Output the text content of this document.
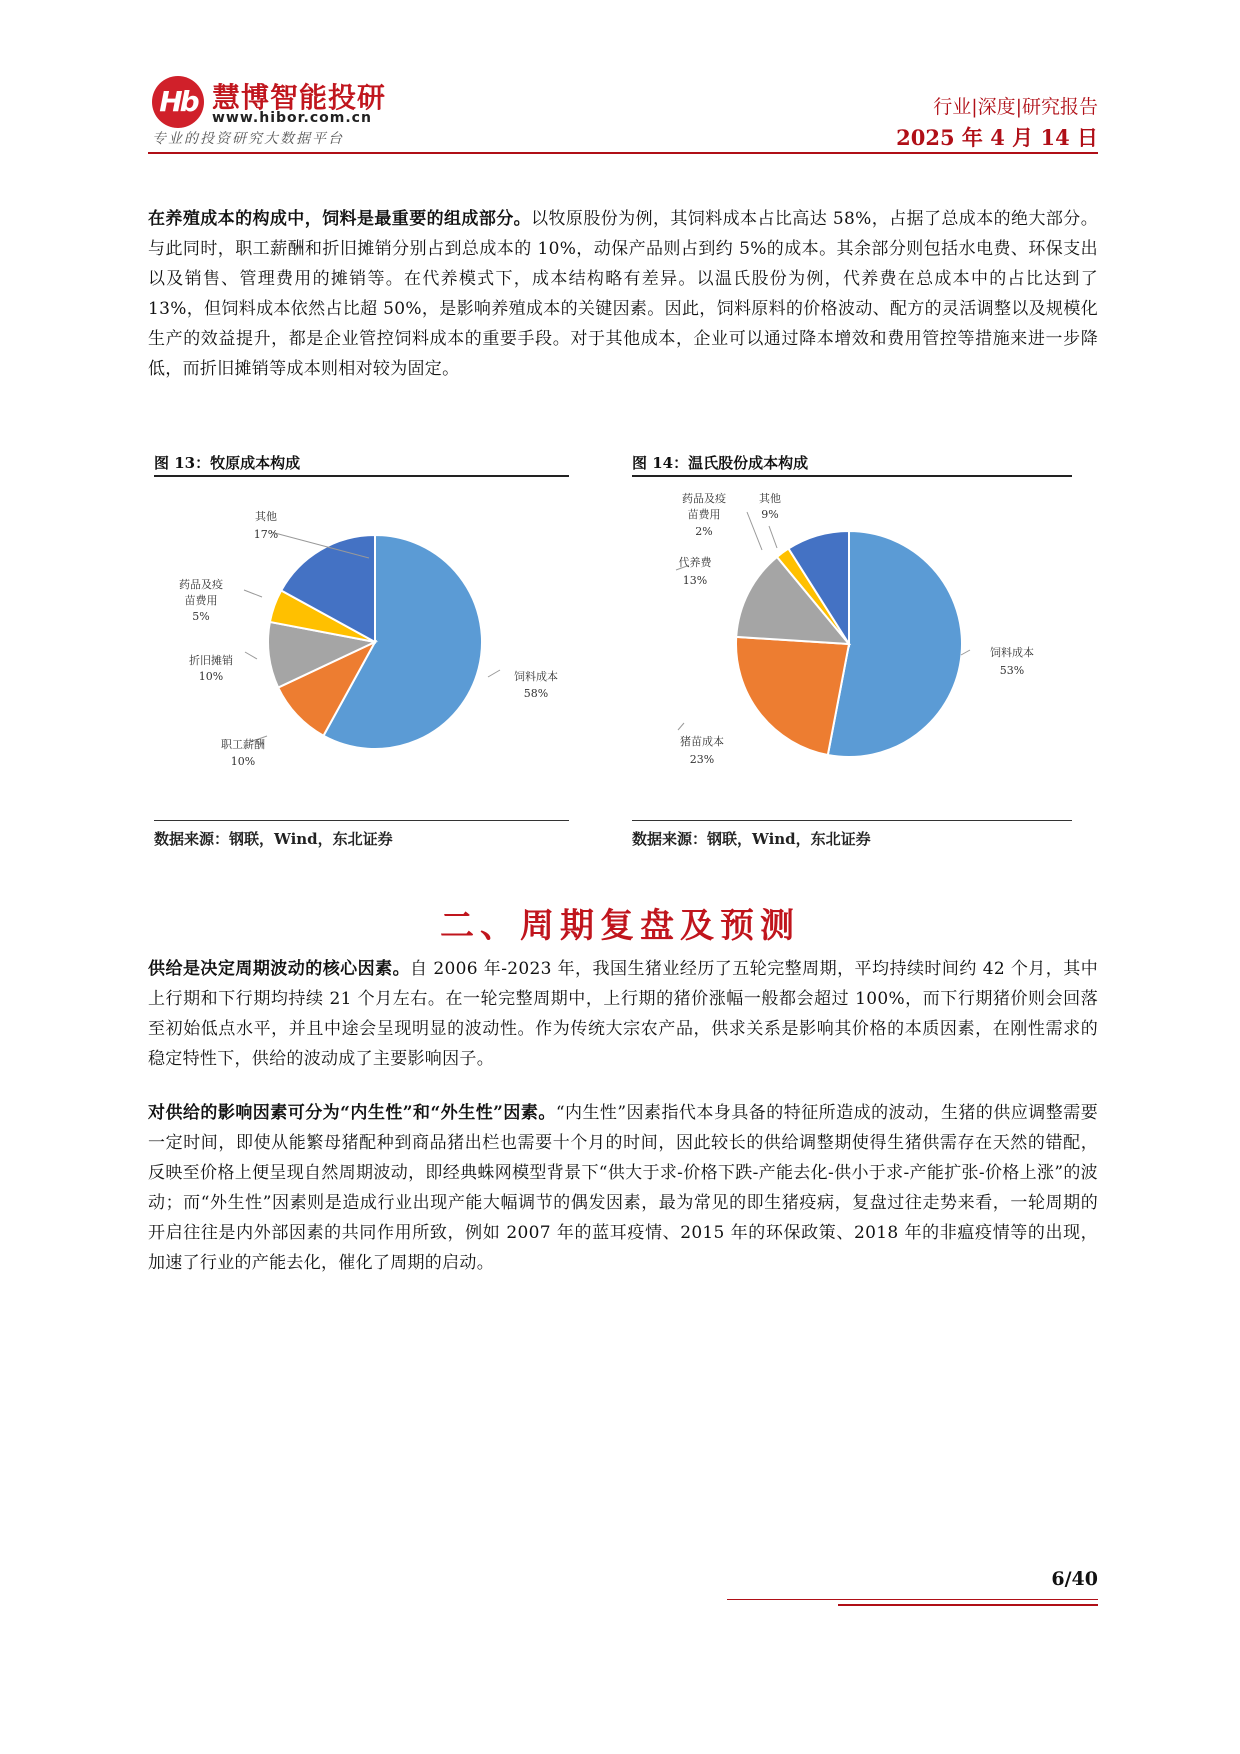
Hb 慧博智能投研
www.hibor.com.cn
专业的投资研究大数据平台
行业|深度|研究报告
2025 年 4 月 14 日
在养殖成本的构成中，饲料是最重要的组成部分。以牧原股份为例，其饲料成本占比高达 58%，占据了总成本的绝大部分。与此同时，职工薪酬和折旧摊销分别占到总成本的 10%，动保产品则占到约 5%的成本。其余部分则包括水电费、环保支出以及销售、管理费用的摊销等。在代养模式下，成本结构略有差异。以温氏股份为例，代养费在总成本中的占比达到了 13%，但饲料成本依然占比超 50%，是影响养殖成本的关键因素。因此，饲料原料的价格波动、配方的灵活调整以及规模化生产的效益提升，都是企业管控饲料成本的重要手段。对于其他成本，企业可以通过降本增效和费用管控等措施来进一步降低，而折旧摊销等成本则相对较为固定。
图 13：牧原成本构成
其他
17%
药品及疫
苗费用
5%
折旧摊销
10%
职工薪酬
10%
饲料成本
58%
数据来源：钢联，Wind，东北证券
图 14：温氏股份成本构成
药品及疫
苗费用
2%
其他
9%
代养费
13%
猪苗成本
23%
饲料成本
53%
数据来源：钢联，Wind，东北证券
二、周期复盘及预测
供给是决定周期波动的核心因素。自 2006 年-2023 年，我国生猪业经历了五轮完整周期，平均持续时间约 42 个月，其中上行期和下行期均持续 21 个月左右。在一轮完整周期中，上行期的猪价涨幅一般都会超过 100%，而下行期猪价则会回落至初始低点水平，并且中途会呈现明显的波动性。作为传统大宗农产品，供求关系是影响其价格的本质因素，在刚性需求的稳定特性下，供给的波动成了主要影响因子。
对供给的影响因素可分为“内生性”和“外生性”因素。“内生性”因素指代本身具备的特征所造成的波动，生猪的供应调整需要一定时间，即使从能繁母猪配种到商品猪出栏也需要十个月的时间，因此较长的供给调整期使得生猪供需存在天然的错配，反映至价格上便呈现自然周期波动，即经典蛛网模型背景下“供大于求-价格下跌-产能去化-供小于求-产能扩张-价格上涨”的波动；而“外生性”因素则是造成行业出现产能大幅调节的偶发因素，最为常见的即生猪疫病，复盘过往走势来看，一轮周期的开启往往是内外部因素的共同作用所致，例如 2007 年的蓝耳疫情、2015 年的环保政策、2018 年的非瘟疫情等的出现，加速了行业的产能去化，催化了周期的启动。
6/40
